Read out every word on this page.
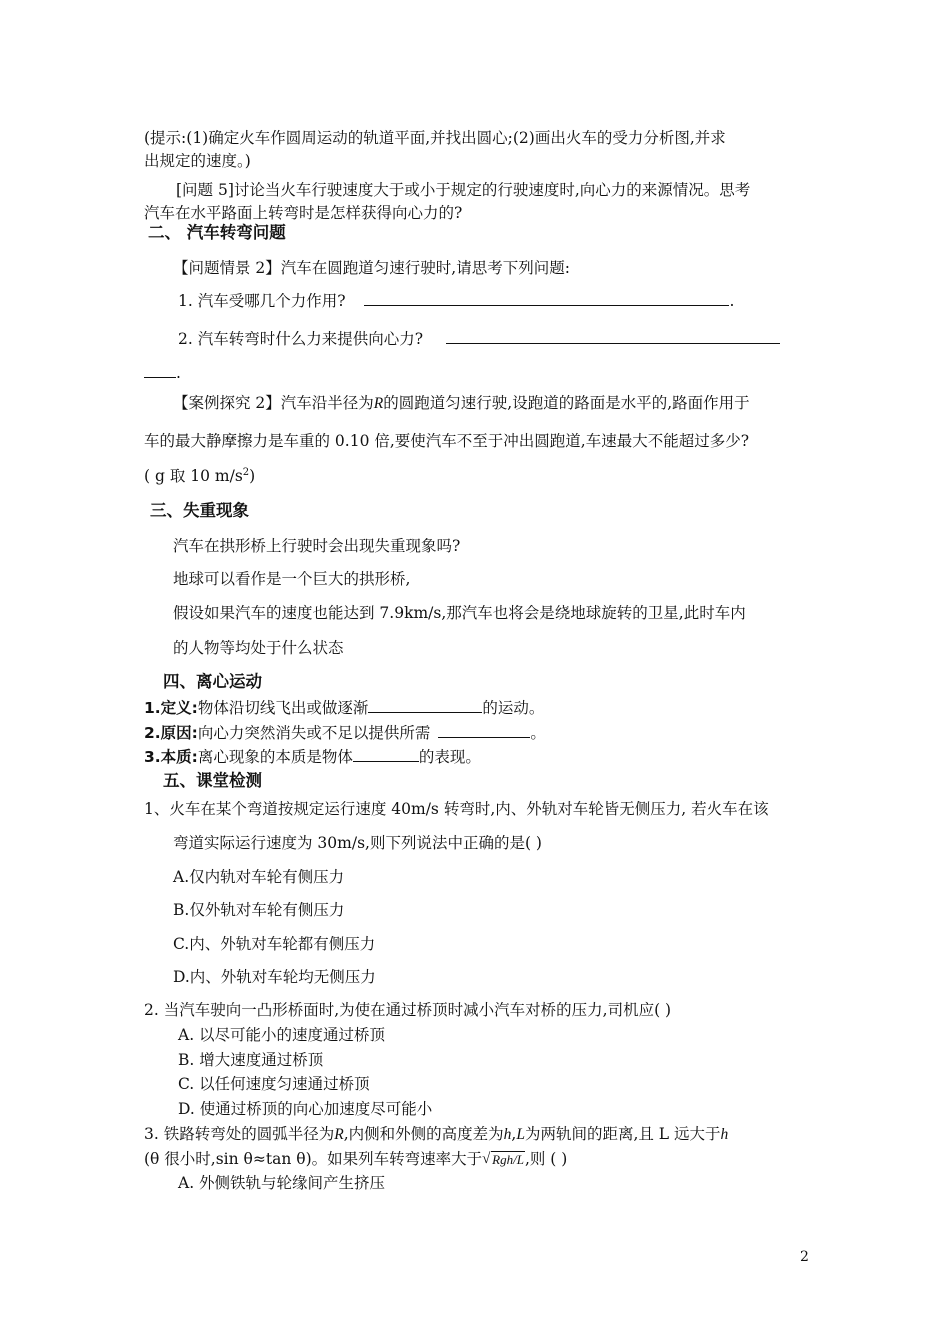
(提示:(1)确定火车作圆周运动的轨道平面,并找出圆心;(2)画出火车的受力分析图,并求
出规定的速度。)
[问题 5]讨论当火车行驶速度大于或小于规定的行驶速度时,向心力的来源情况。思考
汽车在水平路面上转弯时是怎样获得向心力的?
二、 汽车转弯问题
【问题情景 2】汽车在圆跑道匀速行驶时,请思考下列问题:
1. 汽车受哪几个力作用?	.
2. 汽车转弯时什么力来提供向心力?
.
【案例探究 2】汽车沿半径为R的圆跑道匀速行驶,设跑道的路面是水平的,路面作用于
车的最大静摩擦力是车重的 0.10 倍,要使汽车不至于冲出圆跑道,车速最大不能超过多少?
( g 取 10 $m/s^2$)
三、失重现象
汽车在拱形桥上行驶时会出现失重现象吗?
地球可以看作是一个巨大的拱形桥,
假设如果汽车的速度也能达到 7.9km/s,那汽车也将会是绕地球旋转的卫星,此时车内
的人物等均处于什么状态
四、离心运动
1.定义:物体沿切线飞出或做逐渐	的运动。
2.原因:向心力突然消失或不足以提供所需	。
3.本质:离心现象的本质是物体	的表现。
五、课堂检测
1、火车在某个弯道按规定运行速度 40m/s 转弯时,内、外轨对车轮皆无侧压力, 若火车在该
弯道实际运行速度为 30m/s,则下列说法中正确的是( )
A.仅内轨对车轮有侧压力
B.仅外轨对车轮有侧压力
C.内、外轨对车轮都有侧压力
D.内、外轨对车轮均无侧压力
2. 当汽车驶向一凸形桥面时,为使在通过桥顶时减小汽车对桥的压力,司机应( )
A. 以尽可能小的速度通过桥顶
B. 增大速度通过桥顶
C. 以任何速度匀速通过桥顶
D. 使通过桥顶的向心加速度尽可能小
3. 铁路转弯处的圆弧半径为R,内侧和外侧的高度差为h,L为两轨间的距离,且 L 远大于h
(θ 很小时,sin θ≈tan θ)。如果列车转弯速率大于 √ Rgh/L,则 ( )
A. 外侧铁轨与轮缘间产生挤压
2
